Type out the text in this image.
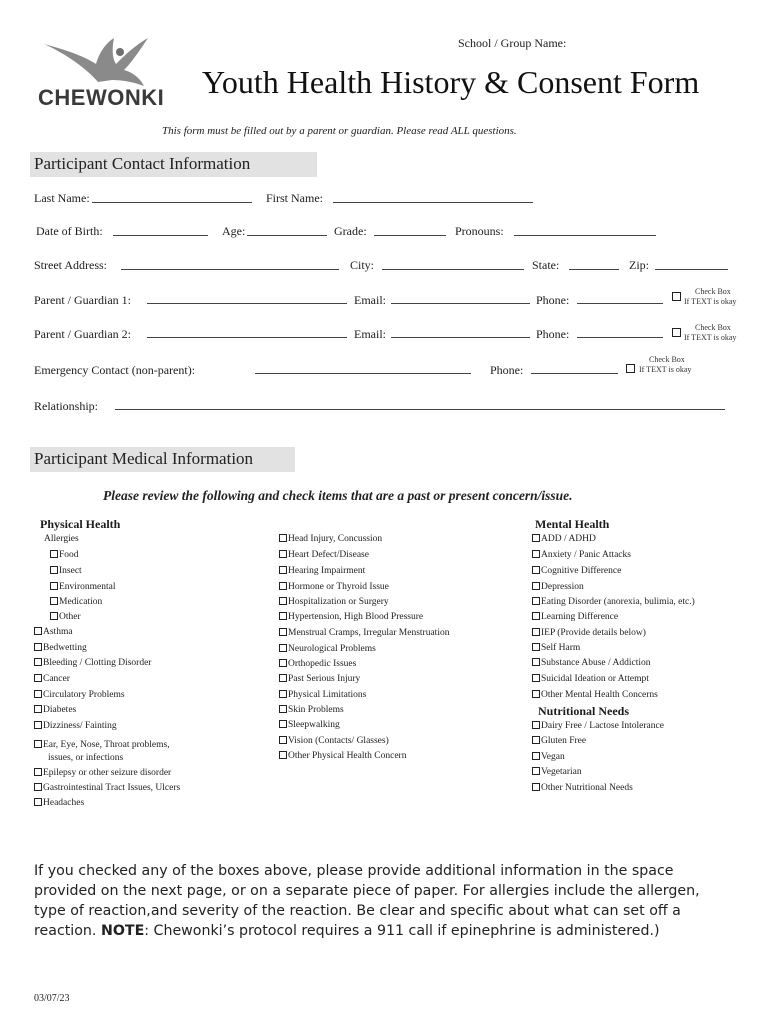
CHEWONKI
School / Group Name:
Youth Health History & Consent Form
This form must be filled out by a parent or guardian. Please read ALL questions.
Participant Contact Information
Last Name:	First Name:
Date of Birth:	Age:	Grade:	Pronouns:
Street Address:	City:	State:	Zip:
Parent / Guardian 1:	Email:	Phone:
Check Box
If TEXT is okay
Parent / Guardian 2:	Email:	Phone:	Check Box
If TEXT is okay
Emergency Contact (non-parent):	Phone:
Check Box
If TEXT is okay
Relationship:
Participant Medical Information
Please review the following and check items that are a past or present concern/issue.
Physical Health
Allergies
Food
Insect
Environmental
Medication
Other
Asthma
Bedwetting
Bleeding / Clotting Disorder
Cancer
Circulatory Problems
Diabetes
Dizziness/ Fainting
Ear, Eye, Nose, Throat problems,
Epilepsy or other seizure disorder
Gastrointestinal Tract Issues, Ulcers
Headaches
issues, or infections
Head Injury, Concussion
Heart Defect/Disease
Hearing Impairment
Hormone or Thyroid Issue
Hospitalization or Surgery
Hypertension, High Blood Pressure
Menstrual Cramps, Irregular Menstruation
Neurological Problems
Orthopedic Issues
Past Serious Injury
Physical Limitations
Skin Problems
Sleepwalking
Vision (Contacts/ Glasses)
Other Physical Health Concern
Mental Health
ADD / ADHD
Anxiety / Panic Attacks
Cognitive Difference
Depression
Eating Disorder (anorexia, bulimia, etc.)
Learning Difference
IEP (Provide details below)
Self Harm
Substance Abuse / Addiction
Suicidal Ideation or Attempt
Other Mental Health Concerns
Nutritional Needs
Dairy Free / Lactose Intolerance
Gluten Free
Vegan
Vegetarian
Other Nutritional Needs
If you checked any of the boxes above, please provide additional information in the space provided on the next page, or on a separate piece of paper. For allergies include the allergen, type of reaction,and severity of the reaction. Be clear and specific about what can set off a reaction. NOTE: Chewonki’s protocol requires a 911 call if epinephrine is administered.)
03/07/23
